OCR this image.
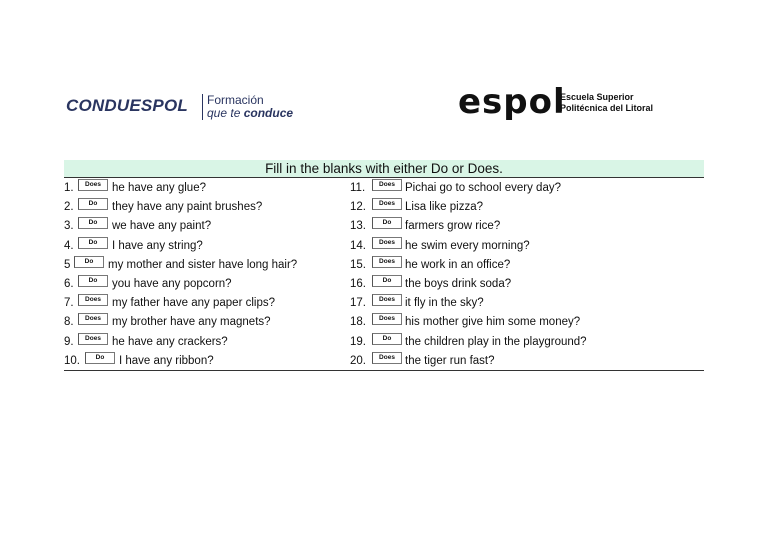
CONDUESPOL Formación
que te conduce	espol
Escuela Superior
Politécnica del Litoral
Fill in the blanks with either Do or Does.
1.	Does he have any glue?
2.	Do	they have any paint brushes?
3.	Do	we have any paint?
4.	Do	I have any string?
5	Do	my mother and sister have long hair?
6.	Do	you have any popcorn?
7.	Does my father have any paper clips?
8.	Does my brother have any magnets?
9.	Does he have any crackers?
10.	Do	I have any ribbon?
11.	Does Pichai go to school every day?
12.	Does Lisa like pizza?
13.	Do	farmers grow rice?
14.	Does he swim every morning?
15.	Does he work in an office?
16.	Do	the boys drink soda?
17.	Does it fly in the sky?
18.	Does his mother give him some money?
19.	Do	the children play in the playground?
20.	Does the tiger run fast?
